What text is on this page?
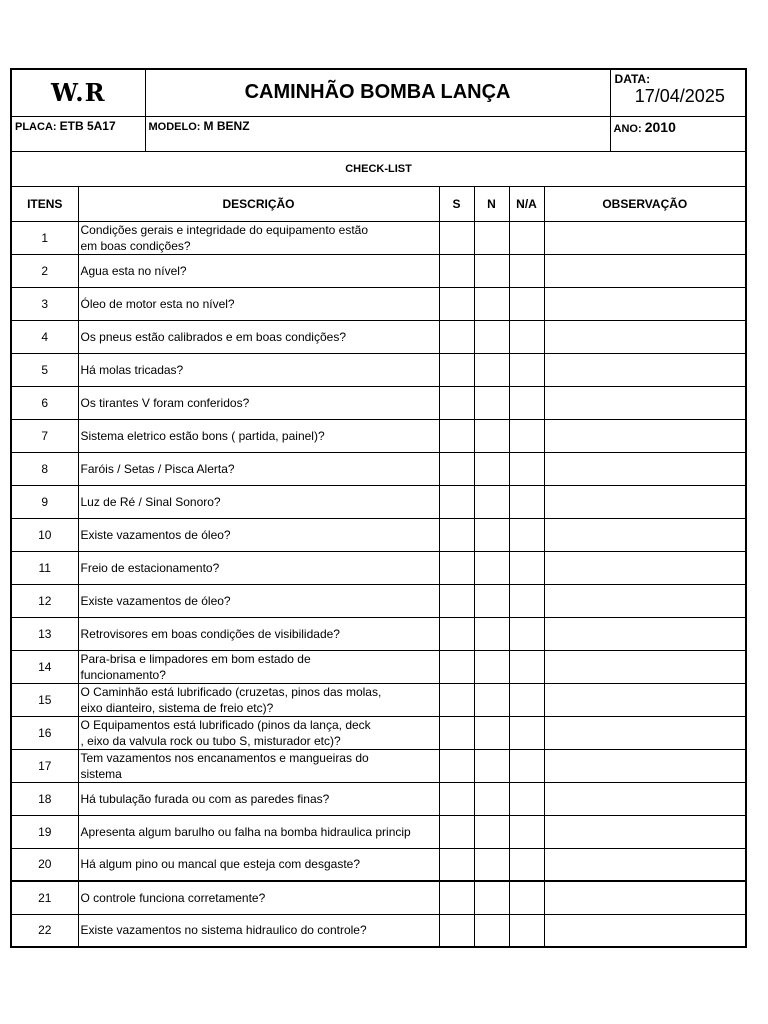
W.R		CAMINHÃO BOMBA LANÇA					DATA:
17/04/2025

PLACA: ETB 5A17		MODELO: M BENZ					ANO: 2010
CHECK-LIST							
ITENS	DESCRIÇÃO		S	N	N/A	OBSERVAÇÃO	
1	Condições gerais e integridade do equipamento estão
em boas condições?						

2	Agua esta no nível?						

3	Óleo de motor esta no nível?						

4	Os pneus estão calibrados e em boas condições?						

5	Há molas tricadas?						

6	Os tirantes V foram conferidos?						

7	Sistema eletrico estão bons ( partida, painel)?						

8	Faróis / Setas / Pisca Alerta?						

9	Luz de Ré / Sinal Sonoro?						

10	Existe vazamentos de óleo?						

11	Freio de estacionamento?						

12	Existe vazamentos de óleo?						

13	Retrovisores em boas condições de visibilidade?						

14	Para-brisa e limpadores em bom estado de
funcionamento?						

15	O Caminhão está lubrificado (cruzetas, pinos das molas,
eixo dianteiro, sistema de freio etc)?						

16	O Equipamentos está lubrificado (pinos da lança, deck
, eixo da valvula rock ou tubo S, misturador etc)?						

17	Tem vazamentos nos encanamentos e mangueiras do
sistema						

18	Há tubulação furada ou com as paredes finas?						

19	Apresenta algum barulho ou falha na bomba hidraulica princip						

20	Há algum pino ou mancal que esteja com desgaste?						

21	O controle funciona corretamente?						

22	Existe vazamentos no sistema hidraulico do controle?						
